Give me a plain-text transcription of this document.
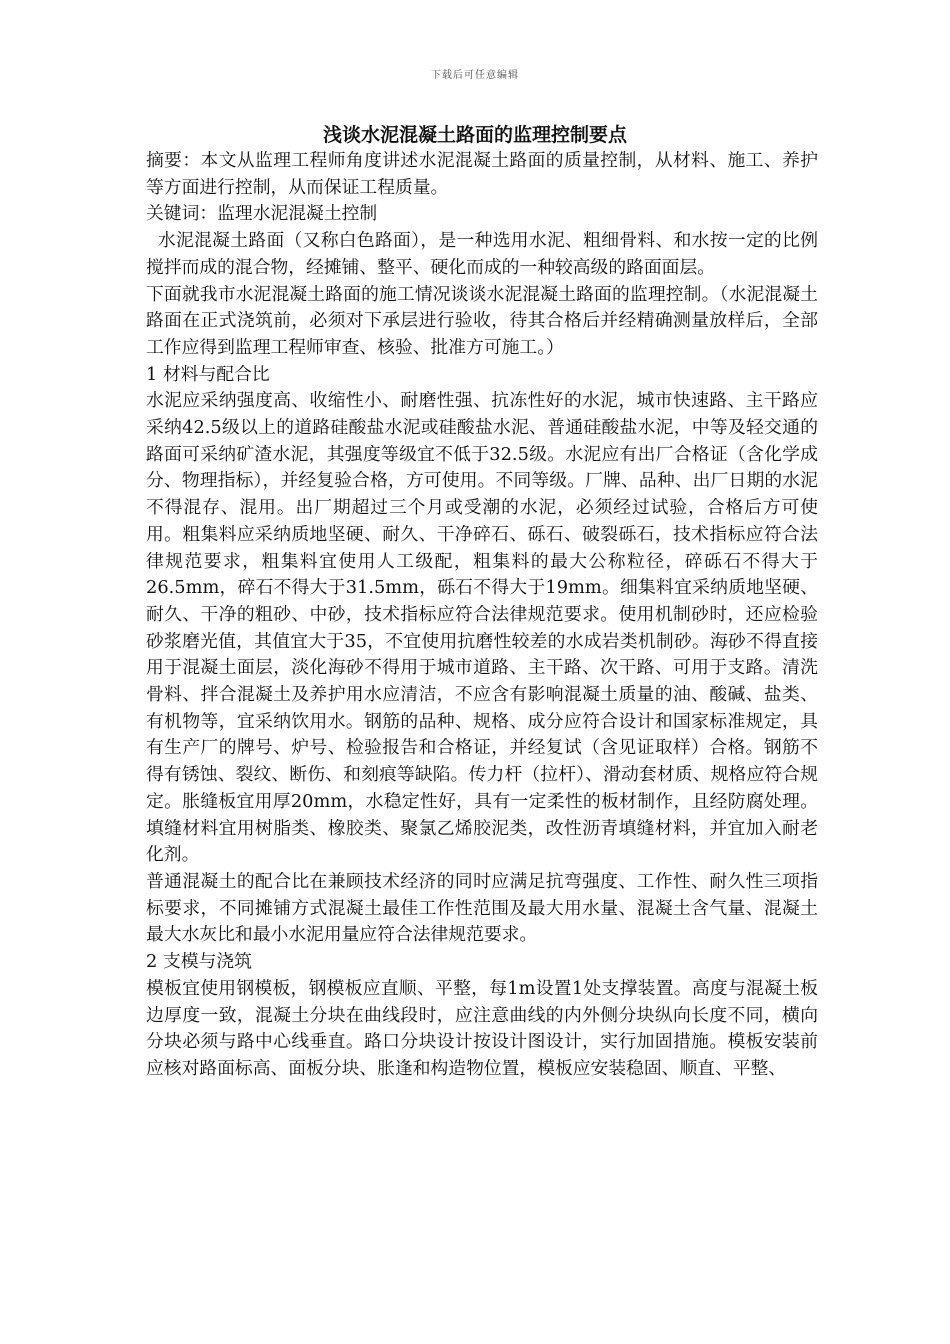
下载后可任意编辑
浅谈水泥混凝土路面的监理控制要点

摘要：本文从监理工程师角度讲述水泥混凝土路面的质量控制，从材料、施工、养护等方面进行控制，从而保证工程质量。

关键词：监理水泥混凝土控制

水泥混凝土路面（又称白色路面），是一种选用水泥、粗细骨料、和水按一定的比例搅拌而成的混合物，经摊铺、整平、硬化而成的一种较高级的路面面层。

下面就我市水泥混凝土路面的施工情况谈谈水泥混凝土路面的监理控制。（水泥混凝土路面在正式浇筑前，必须对下承层进行验收，待其合格后并经精确测量放样后，全部工作应得到监理工程师审查、核验、批准方可施工。）

1 材料与配合比

水泥应采纳强度高、收缩性小、耐磨性强、抗冻性好的水泥，城市快速路、主干路应采纳42.5级以上的道路硅酸盐水泥或硅酸盐水泥、普通硅酸盐水泥，中等及轻交通的路面可采纳矿渣水泥，其强度等级宜不低于32.5级。水泥应有出厂合格证（含化学成分、物理指标），并经复验合格，方可使用。不同等级。厂牌、品种、出厂日期的水泥不得混存、混用。出厂期超过三个月或受潮的水泥，必须经过试验，合格后方可使用。粗集料应采纳质地坚硬、耐久、干净碎石、砾石、破裂砾石，技术指标应符合法律规范要求，粗集料宜使用人工级配，粗集料的最大公称粒径，碎砾石不得大于26.5mm，碎石不得大于31.5mm，砾石不得大于19mm。细集料宜采纳质地坚硬、耐久、干净的粗砂、中砂，技术指标应符合法律规范要求。使用机制砂时，还应检验砂浆磨光值，其值宜大于35，不宜使用抗磨性较差的水成岩类机制砂。海砂不得直接用于混凝土面层，淡化海砂不得用于城市道路、主干路、次干路、可用于支路。清洗骨料、拌合混凝土及养护用水应清洁，不应含有影响混凝土质量的油、酸碱、盐类、有机物等，宜采纳饮用水。钢筋的品种、规格、成分应符合设计和国家标准规定，具有生产厂的牌号、炉号、检验报告和合格证，并经复试（含见证取样）合格。钢筋不得有锈蚀、裂纹、断伤、和刻痕等缺陷。传力杆（拉杆）、滑动套材质、规格应符合规定。胀缝板宜用厚20mm，水稳定性好，具有一定柔性的板材制作，且经防腐处理。填缝材料宜用树脂类、橡胶类、聚氯乙烯胶泥类，改性沥青填缝材料，并宜加入耐老化剂。

普通混凝土的配合比在兼顾技术经济的同时应满足抗弯强度、工作性、耐久性三项指标要求，不同摊铺方式混凝土最佳工作性范围及最大用水量、混凝土含气量、混凝土最大水灰比和最小水泥用量应符合法律规范要求。

2 支模与浇筑

模板宜使用钢模板，钢模板应直顺、平整，每1m设置1处支撑装置。高度与混凝土板边厚度一致，混凝土分块在曲线段时，应注意曲线的内外侧分块纵向长度不同，横向分块必须与路中心线垂直。路口分块设计按设计图设计，实行加固措施。模板安装前应核对路面标高、面板分块、胀逢和构造物位置，模板应安装稳固、顺直、平整、
